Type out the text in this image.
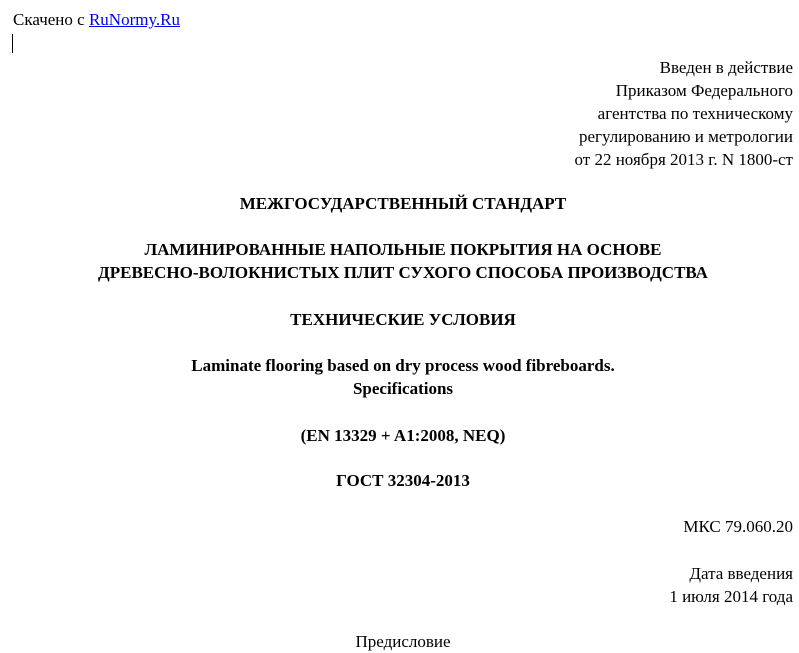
Скачено с RuNormy.Ru
Введен в действие
Приказом Федерального
агентства по техническому
регулированию и метрологии
от 22 ноября 2013 г. N 1800-ст
МЕЖГОСУДАРСТВЕННЫЙ СТАНДАРТ
ЛАМИНИРОВАННЫЕ НАПОЛЬНЫЕ ПОКРЫТИЯ НА ОСНОВЕ
ДРЕВЕСНО-ВОЛОКНИСТЫХ ПЛИТ СУХОГО СПОСОБА ПРОИЗВОДСТВА
ТЕХНИЧЕСКИЕ УСЛОВИЯ
Laminate flooring based on dry process wood fibreboards.
Specifications
(EN 13329 + A1:2008, NEQ)
ГОСТ 32304-2013
МКС 79.060.20
Дата введения
1 июля 2014 года
Предисловие
